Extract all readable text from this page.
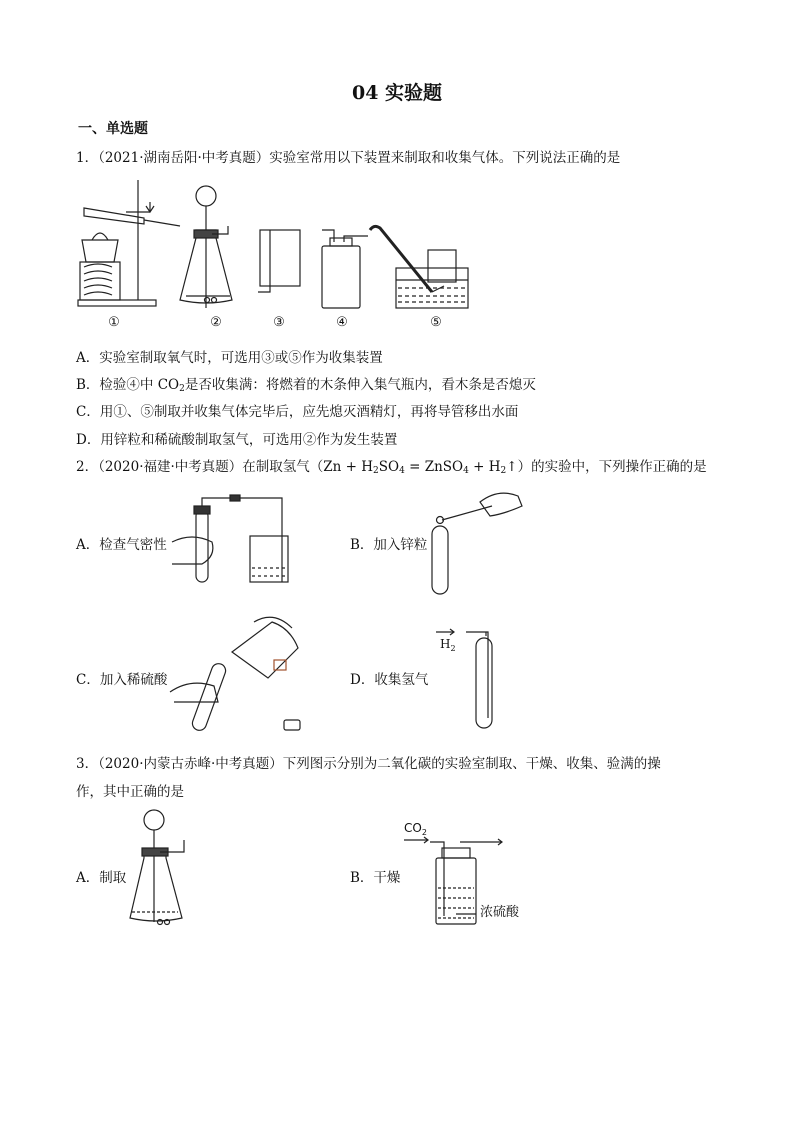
04 实验题
一、单选题
1．（2021·湖南岳阳·中考真题）实验室常用以下装置来制取和收集气体。下列说法正确的是
①	②	③	④	⑤
A．实验室制取氧气时，可选用③或⑤作为收集装置
B．检验④中 $CO_2$是否收集满：将燃着的木条伸入集气瓶内，看木条是否熄灭
C．用①、⑤制取并收集气体完毕后，应先熄灭酒精灯，再将导管移出水面
D．用锌粒和稀硫酸制取氢气，可选用②作为发生装置
2．（2020·福建·中考真题）在制取氢气（$Zn + H_2SO_4$ = ZnSO$_4$ + $H_2↑$）的实验中，下列操作正确的是
A．检查气密性	B．加入锌粒
C．加入稀硫酸	D．收集氢气
$H_2$
3．（2020·内蒙古赤峰·中考真题）下列图示分别为二氧化碳的实验室制取、干燥、收集、验满的操
作，其中正确的是
A．制取	B．干燥
$CO_2$
浓硫酸
